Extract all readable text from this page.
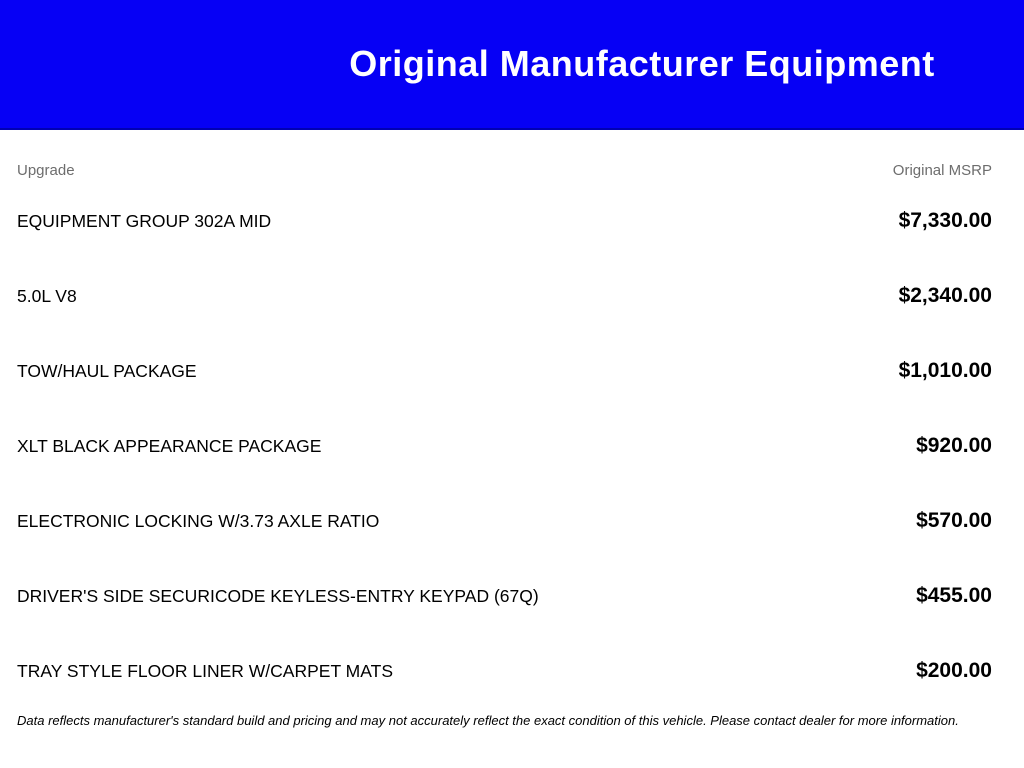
Original Manufacturer Equipment
Upgrade	Original MSRP
EQUIPMENT GROUP 302A MID	$7,330.00
5.0L V8	$2,340.00
TOW/HAUL PACKAGE	$1,010.00
XLT BLACK APPEARANCE PACKAGE	$920.00
ELECTRONIC LOCKING W/3.73 AXLE RATIO	$570.00
DRIVER'S SIDE SECURICODE KEYLESS-ENTRY KEYPAD (67Q)	$455.00
TRAY STYLE FLOOR LINER W/CARPET MATS	$200.00
Data reflects manufacturer's standard build and pricing and may not accurately reflect the exact condition of this vehicle. Please contact dealer for more information.
